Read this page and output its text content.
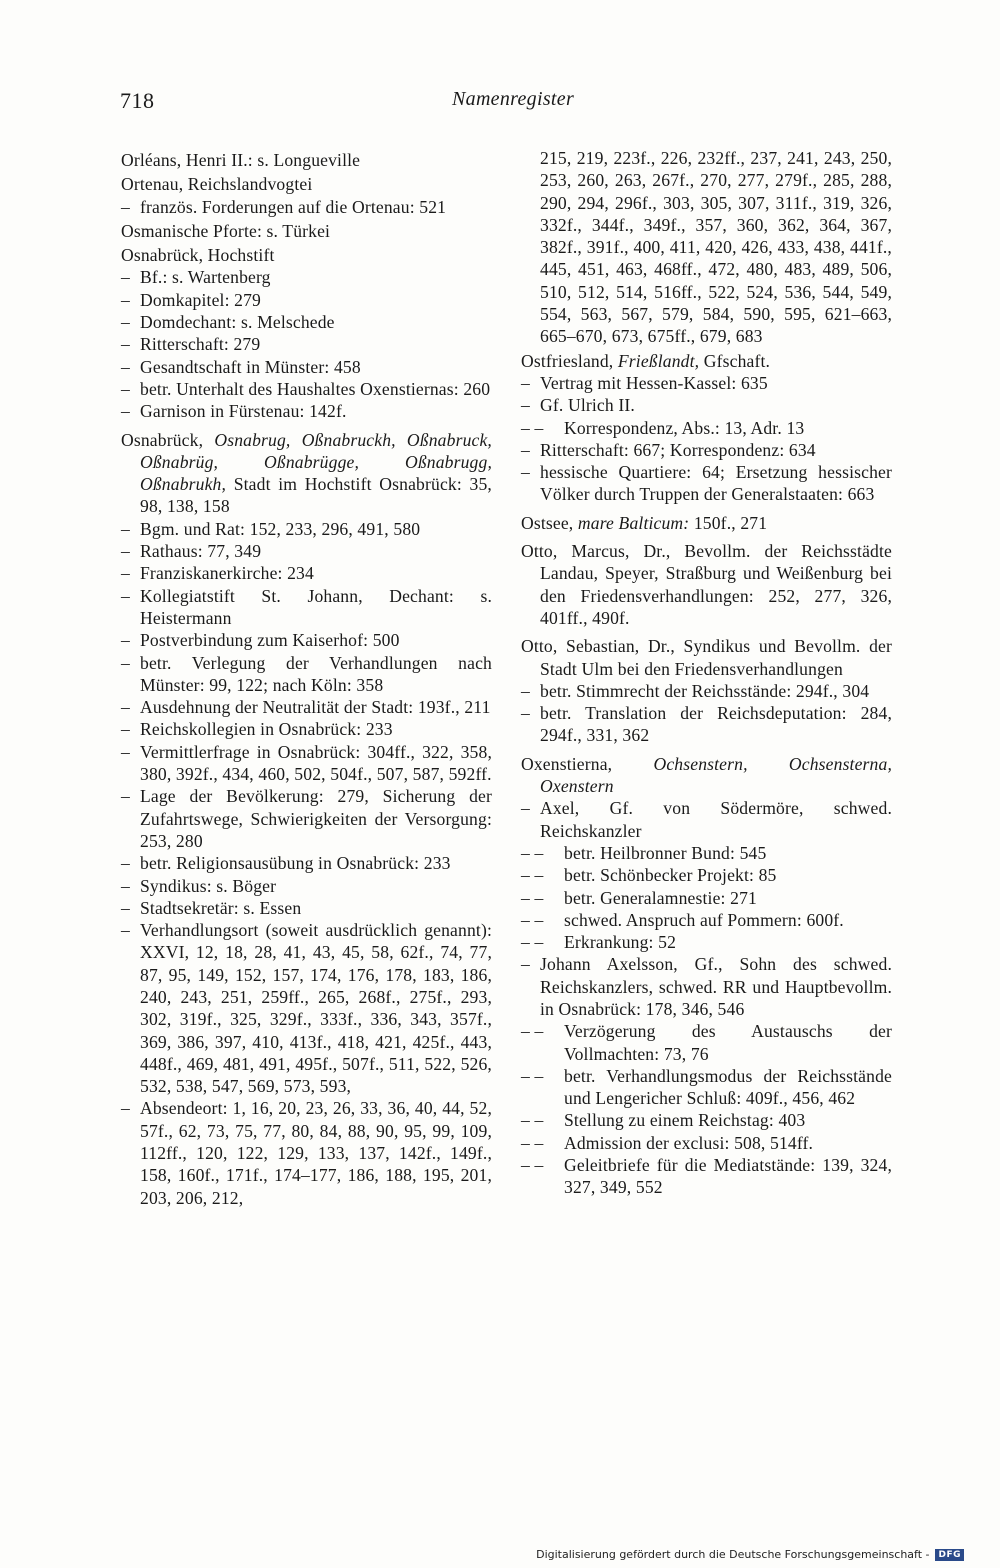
718	Namenregister
Orléans, Henri II.: s. Longueville
Ortenau, Reichslandvogtei
– französ. Forderungen auf die Ortenau: 521
Osmanische Pforte: s. Türkei
Osnabrück, Hochstift
– Bf.: s. Wartenberg
– Domkapitel: 279
– Domdechant: s. Melschede
– Ritterschaft: 279
– Gesandtschaft in Münster: 458
– betr. Unterhalt des Haushaltes Oxenstiernas: 260
– Garnison in Fürstenau: 142f.
Osnabrück, Osnabrug, Oßnabruckh, Oßnabruck, Oßnabrüg, Oßnabrügge, Oßnabrugg, Oßnabrukh, Stadt im Hochstift Osnabrück: 35, 98, 138, 158
– Bgm. und Rat: 152, 233, 296, 491, 580
– Rathaus: 77, 349
– Franziskanerkirche: 234
– Kollegiatstift St. Johann, Dechant: s. Heistermann
– Postverbindung zum Kaiserhof: 500
– betr. Verlegung der Verhandlungen nach Münster: 99, 122; nach Köln: 358
– Ausdehnung der Neutralität der Stadt: 193f., 211
– Reichskollegien in Osnabrück: 233
– Vermittlerfrage in Osnabrück: 304ff., 322, 358, 380, 392f., 434, 460, 502, 504f., 507, 587, 592ff.
– Lage der Bevölkerung: 279, Sicherung der Zufahrtswege, Schwierigkeiten der Versorgung: 253, 280
– betr. Religionsausübung in Osnabrück: 233
– Syndikus: s. Böger
– Stadtsekretär: s. Essen
– Verhandlungsort (soweit ausdrücklich genannt): XXVI, 12, 18, 28, 41, 43, 45, 58, 62f., 74, 77, 87, 95, 149, 152, 157, 174, 176, 178, 183, 186, 240, 243, 251, 259ff., 265, 268f., 275f., 293, 302, 319f., 325, 329f., 333f., 336, 343, 357f., 369, 386, 397, 410, 413f., 418, 421, 425f., 443, 448f., 469, 481, 491, 495f., 507f., 511, 522, 526, 532, 538, 547, 569, 573, 593,
– Absendeort: 1, 16, 20, 23, 26, 33, 36, 40, 44, 52, 57f., 62, 73, 75, 77, 80, 84, 88, 90, 95, 99, 109, 112ff., 120, 122, 129, 133, 137, 142f., 149f., 158, 160f., 171f., 174–177, 186, 188, 195, 201, 203, 206, 212,
215, 219, 223f., 226, 232ff., 237, 241, 243, 250, 253, 260, 263, 267f., 270, 277, 279f., 285, 288, 290, 294, 296f., 303, 305, 307, 311f., 319, 326, 332f., 344f., 349f., 357, 360, 362, 364, 367, 382f., 391f., 400, 411, 420, 426, 433, 438, 441f., 445, 451, 463, 468ff., 472, 480, 483, 489, 506, 510, 512, 514, 516ff., 522, 524, 536, 544, 549, 554, 563, 567, 579, 584, 590, 595, 621–663, 665–670, 673, 675ff., 679, 683
Ostfriesland, Frießlandt, Gfschaft.
– Vertrag mit Hessen-Kassel: 635
– Gf. Ulrich II.
– – Korrespondenz, Abs.: 13, Adr. 13
– Ritterschaft: 667; Korrespondenz: 634
– hessische Quartiere: 64; Ersetzung hessischer Völker durch Truppen der Generalstaaten: 663
Ostsee, mare Balticum: 150f., 271
Otto, Marcus, Dr., Bevollm. der Reichsstädte Landau, Speyer, Straßburg und Weißenburg bei den Friedensverhandlungen: 252, 277, 326, 401ff., 490f.
Otto, Sebastian, Dr., Syndikus und Bevollm. der Stadt Ulm bei den Friedensverhandlungen
– betr. Stimmrecht der Reichsstände: 294f., 304
– betr. Translation der Reichsdeputation: 284, 294f., 331, 362
Oxenstierna, Ochsenstern, Ochsensterna, Oxenstern
– Axel, Gf. von Södermöre, schwed. Reichskanzler
– – betr. Heilbronner Bund: 545
– – betr. Schönbecker Projekt: 85
– – betr. Generalamnestie: 271
– – schwed. Anspruch auf Pommern: 600f.
– – Erkrankung: 52
– Johann Axelsson, Gf., Sohn des schwed. Reichskanzlers, schwed. RR und Hauptbevollm. in Osnabrück: 178, 346, 546
– – Verzögerung des Austauschs der Vollmachten: 73, 76
– – betr. Verhandlungsmodus der Reichsstände und Lengericher Schluß: 409f., 456, 462
– – Stellung zu einem Reichstag: 403
– – Admission der exclusi: 508, 514ff.
– – Geleitbriefe für die Mediatstände: 139, 324, 327, 349, 552
Digitalisierung gefördert durch die Deutsche Forschungsgemeinschaft -	DFG
